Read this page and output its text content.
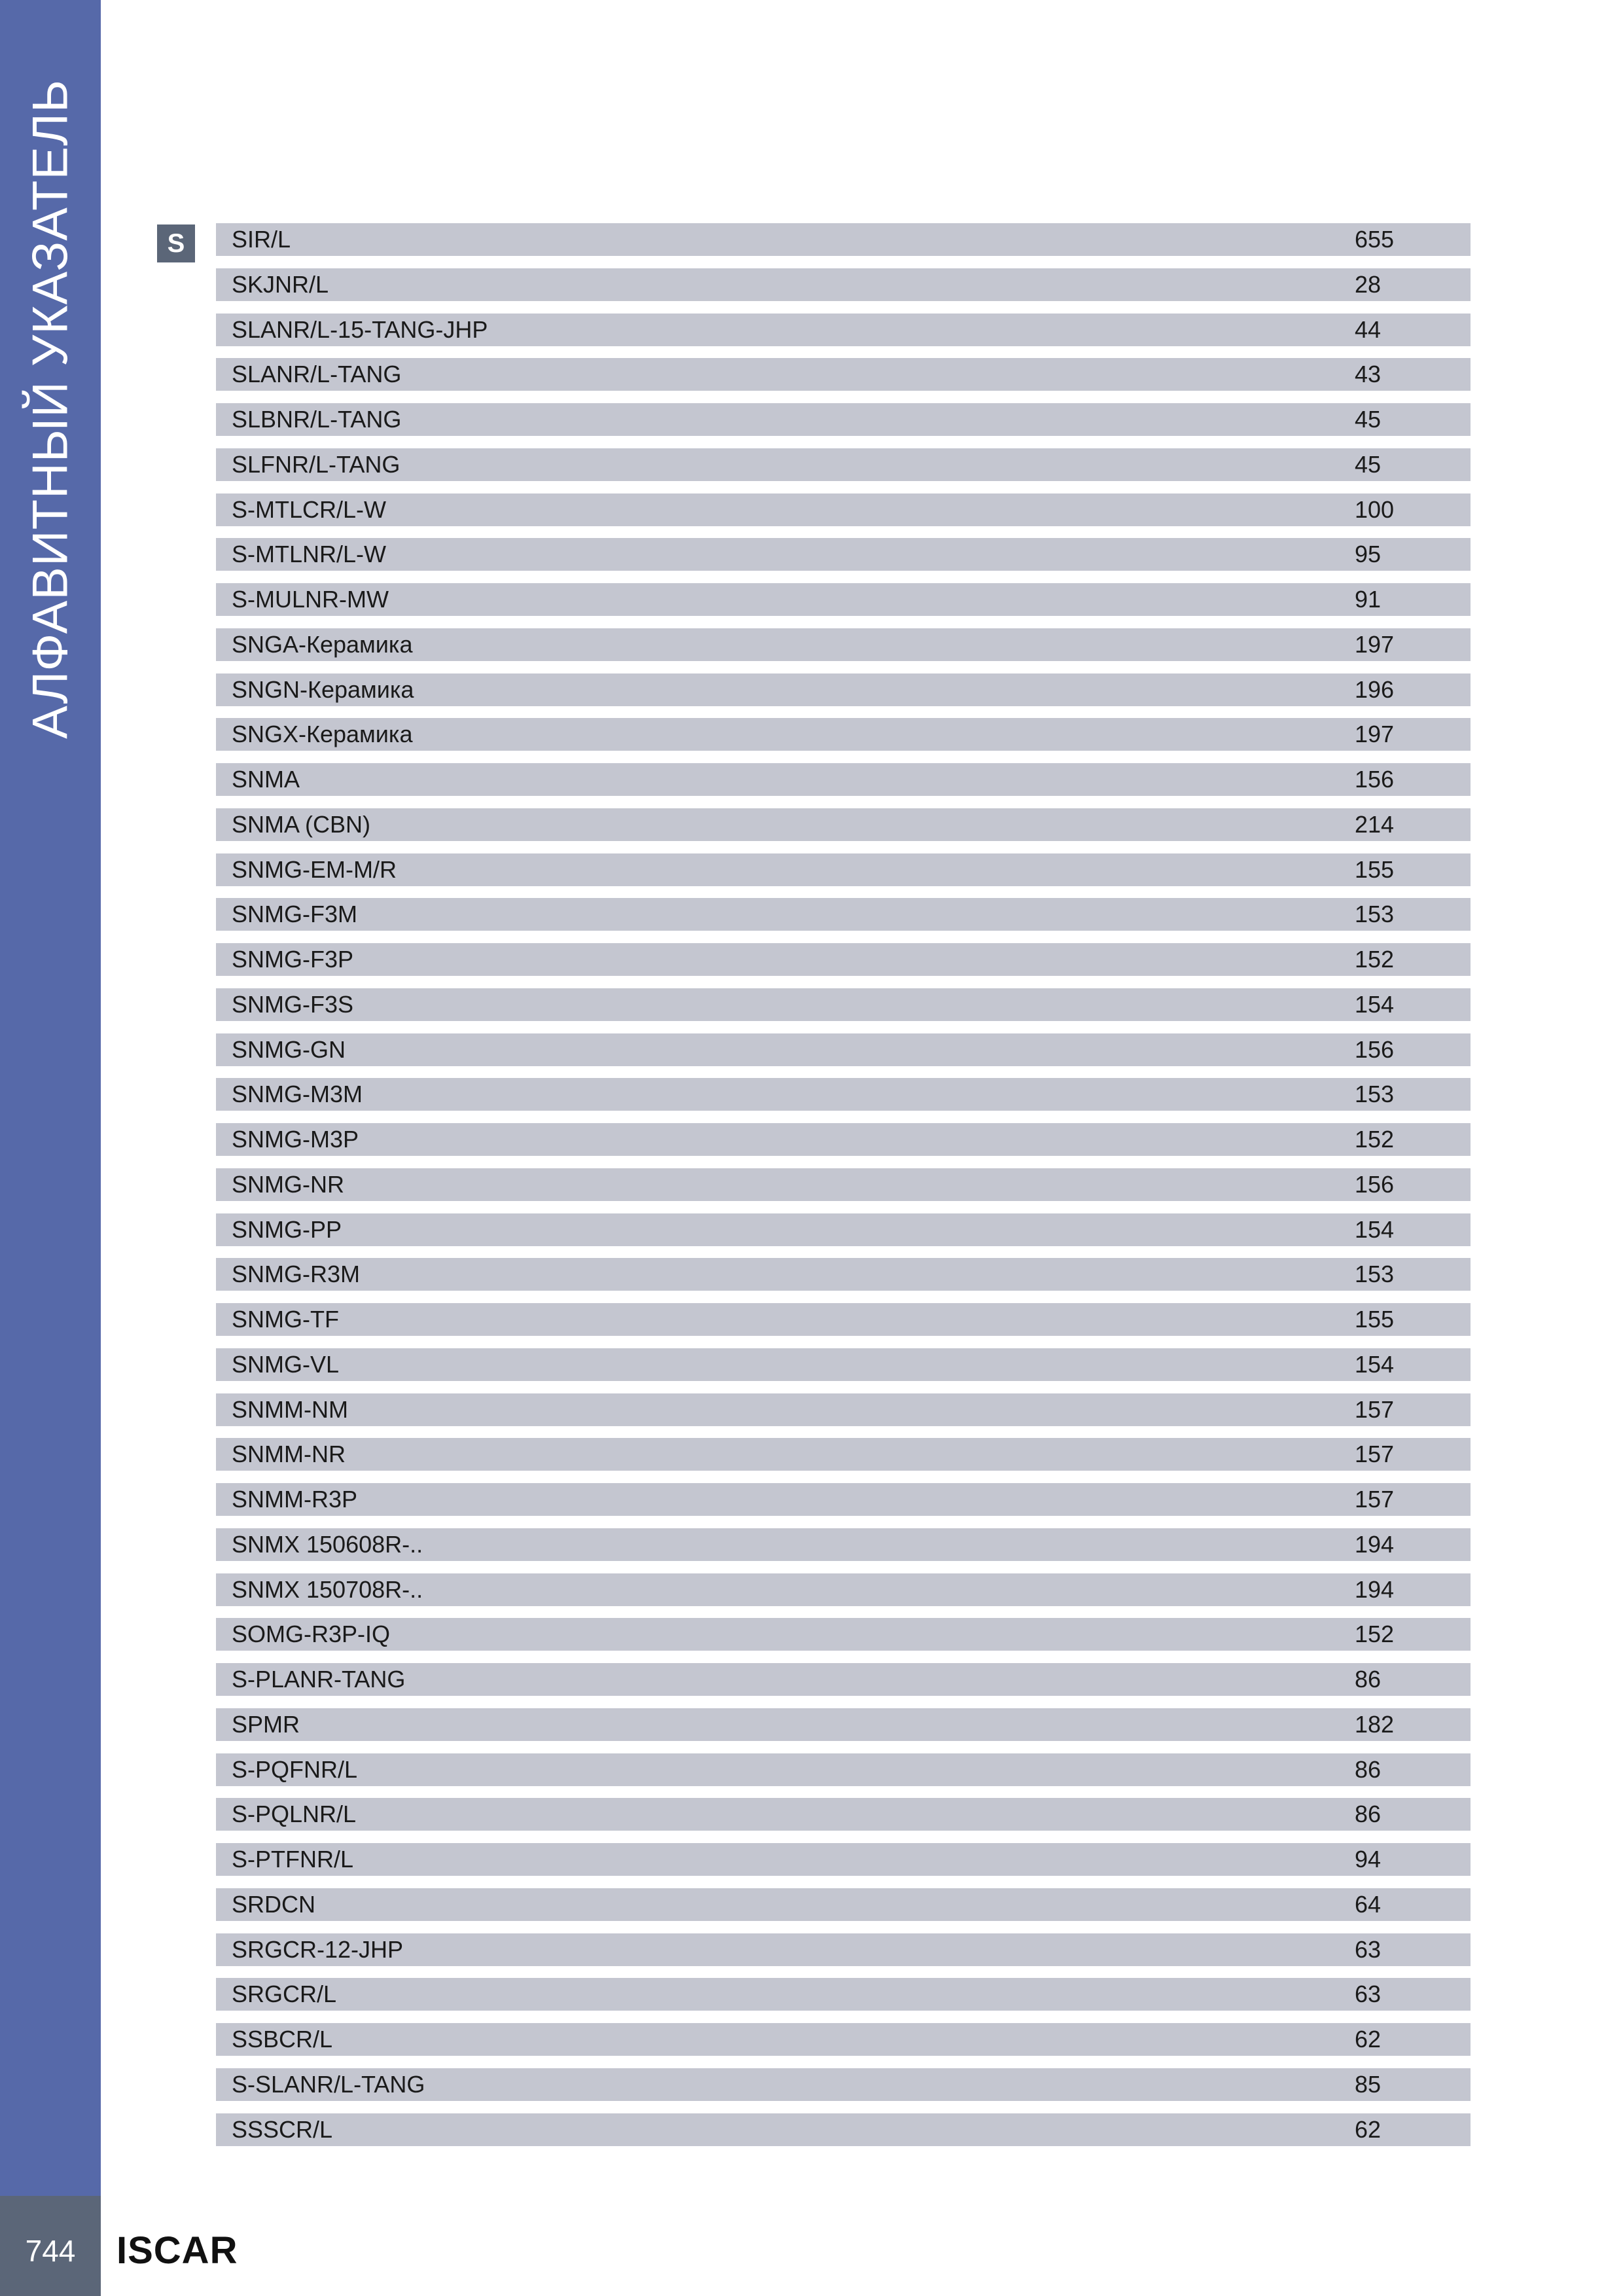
АЛФАВИТНЫЙ УКАЗАТЕЛЬ
744	ISCAR
S	SIR/L	655
SKJNR/L	28
SLANR/L-15-TANG-JHP	44
SLANR/L-TANG	43
SLBNR/L-TANG	45
SLFNR/L-TANG	45
S-MTLCR/L-W	100
S-MTLNR/L-W	95
S-MULNR-MW	91
SNGA-Керамика	197
SNGN-Керамика	196
SNGX-Керамика	197
SNMA	156
SNMA (CBN)	214
SNMG-EM-M/R	155
SNMG-F3M	153
SNMG-F3P	152
SNMG-F3S	154
SNMG-GN	156
SNMG-M3M	153
SNMG-M3P	152
SNMG-NR	156
SNMG-PP	154
SNMG-R3M	153
SNMG-TF	155
SNMG-VL	154
SNMM-NM	157
SNMM-NR	157
SNMM-R3P	157
SNMX 150608R-..	194
SNMX 150708R-..	194
SOMG-R3P-IQ	152
S-PLANR-TANG	86
SPMR	182
S-PQFNR/L	86
S-PQLNR/L	86
S-PTFNR/L	94
SRDCN	64
SRGCR-12-JHP	63
SRGCR/L	63
SSBCR/L	62
S-SLANR/L-TANG	85
SSSCR/L	62
